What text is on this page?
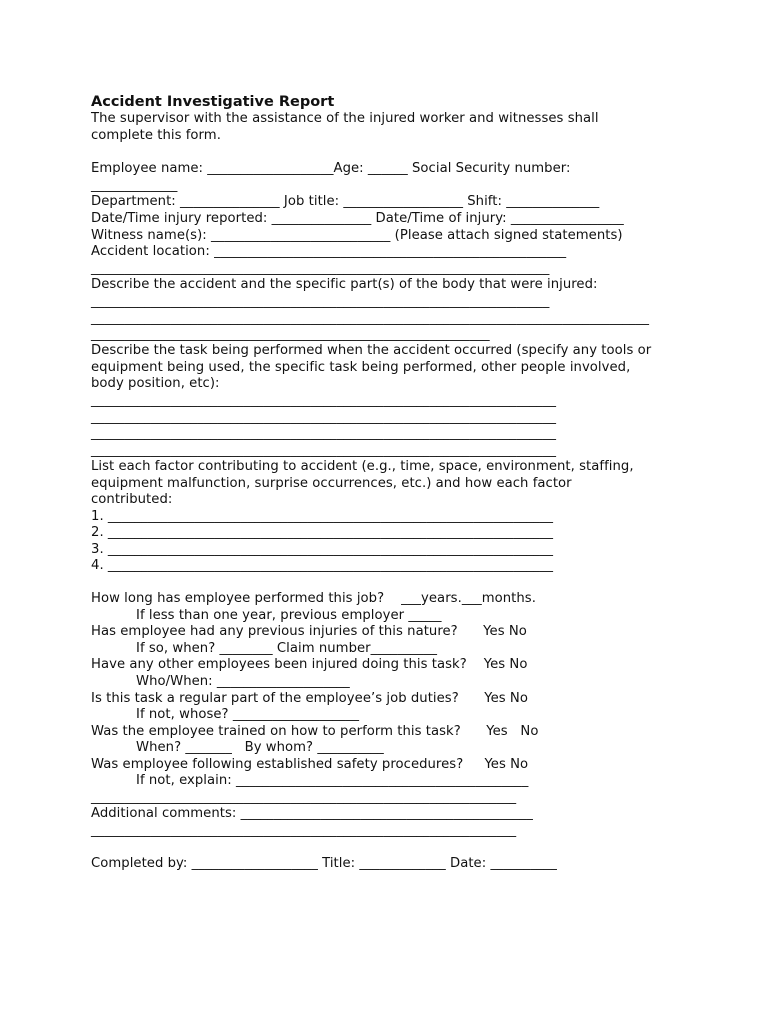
Accident Investigative Report
The supervisor with the assistance of the injured worker and witnesses shall
complete this form.
Employee name: ___________________Age: ______ Social Security number:
_____________
Department: _______________ Job title: __________________ Shift: ______________
Date/Time injury reported: _______________ Date/Time of injury: _________________
Witness name(s): ___________________________ (Please attach signed statements)
Accident location: _____________________________________________________
_____________________________________________________________________
Describe the accident and the specific part(s) of the body that were injured:
_____________________________________________________________________
____________________________________________________________________________________
____________________________________________________________
Describe the task being performed when the accident occurred (specify any tools or
equipment being used, the specific task being performed, other people involved,
body position, etc):
______________________________________________________________________
______________________________________________________________________
______________________________________________________________________
______________________________________________________________________
List each factor contributing to accident (e.g., time, space, environment, staffing,
equipment malfunction, surprise occurrences, etc.) and how each factor
contributed:
1. ___________________________________________________________________
2. ___________________________________________________________________
3. ___________________________________________________________________
4. ___________________________________________________________________
How long has employee performed this job?    ___years.___months.
If less than one year, previous employer _____
Has employee had any previous injuries of this nature?      Yes No
If so, when? ________ Claim number__________
Have any other employees been injured doing this task?    Yes No
Who/When: ____________________
Is this task a regular part of the employee’s job duties?      Yes No
If not, whose? ___________________
Was the employee trained on how to perform this task?      Yes   No
When? _______   By whom? __________
Was employee following established safety procedures?     Yes No
If not, explain: ____________________________________________
________________________________________________________________
Additional comments: ____________________________________________
________________________________________________________________
Completed by: ___________________ Title: _____________ Date: __________
